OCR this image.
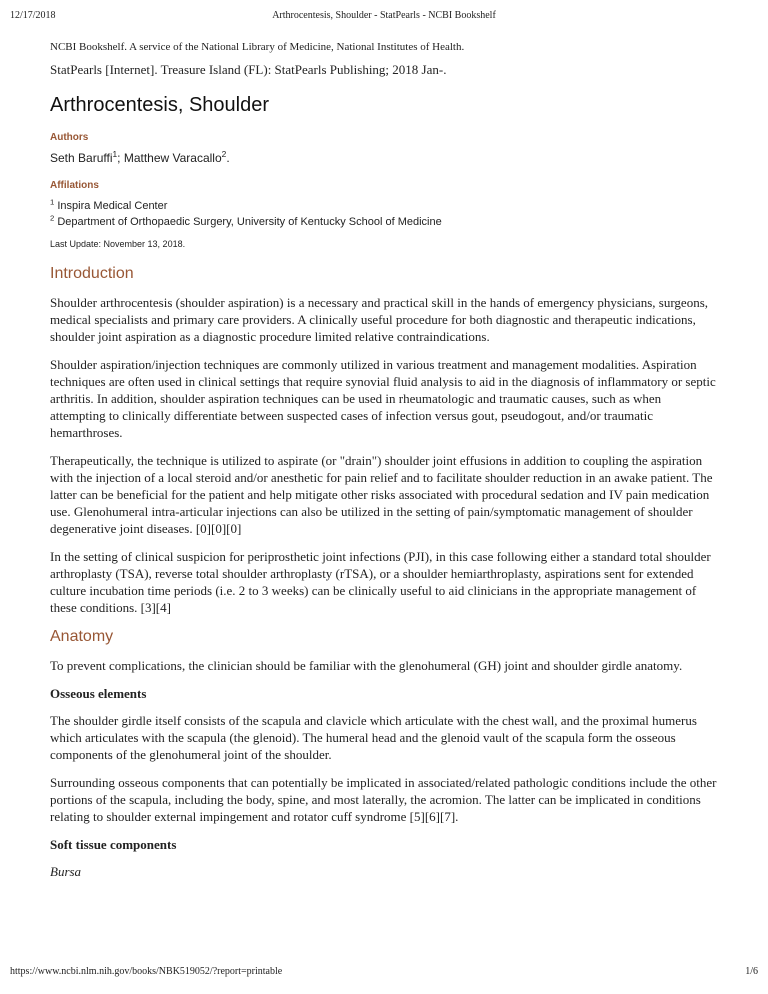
12/17/2018	Arthrocentesis, Shoulder - StatPearls - NCBI Bookshelf

NCBI Bookshelf. A service of the National Library of Medicine, National Institutes of Health.

StatPearls [Internet]. Treasure Island (FL): StatPearls Publishing; 2018 Jan-.

Arthrocentesis, Shoulder

Authors

Seth Baruffi$^1$; Matthew Varacallo$^2$.

Affilations

$^1$ Inspira Medical Center

$^2$ Department of Orthopaedic Surgery, University of Kentucky School of Medicine

Last Update: November 13, 2018.

Introduction

Shoulder arthrocentesis (shoulder aspiration) is a necessary and practical skill in the hands of emergency physicians, surgeons, medical specialists and primary care providers. A clinically useful procedure for both diagnostic and therapeutic indications, shoulder joint aspiration as a diagnostic procedure limited relative contraindications.

Shoulder aspiration/injection techniques are commonly utilized in various treatment and management modalities. Aspiration techniques are often used in clinical settings that require synovial fluid analysis to aid in the diagnosis of inflammatory or septic arthritis. In addition, shoulder aspiration techniques can be used in rheumatologic and traumatic causes, such as when attempting to clinically differentiate between suspected cases of infection versus gout, pseudogout, and/or traumatic hemarthroses.

Therapeutically, the technique is utilized to aspirate (or "drain") shoulder joint effusions in addition to coupling the aspiration with the injection of a local steroid and/or anesthetic for pain relief and to facilitate shoulder reduction in an awake patient. The latter can be beneficial for the patient and help mitigate other risks associated with procedural sedation and IV pain medication use. Glenohumeral intra-articular injections can also be utilized in the setting of pain/symptomatic management of shoulder degenerative joint diseases. [0][0][0]

In the setting of clinical suspicion for periprosthetic joint infections (PJI), in this case following either a standard total shoulder arthroplasty (TSA), reverse total shoulder arthroplasty (rTSA), or a shoulder hemiarthroplasty, aspirations sent for extended culture incubation time periods (i.e. 2 to 3 weeks) can be clinically useful to aid clinicians in the appropriate management of these conditions. [3][4]

Anatomy

To prevent complications, the clinician should be familiar with the glenohumeral (GH) joint and shoulder girdle anatomy.

Osseous elements

The shoulder girdle itself consists of the scapula and clavicle which articulate with the chest wall, and the proximal humerus which articulates with the scapula (the glenoid). The humeral head and the glenoid vault of the scapula form the osseous components of the glenohumeral joint of the shoulder.

Surrounding osseous components that can potentially be implicated in associated/related pathologic conditions include the other portions of the scapula, including the body, spine, and most laterally, the acromion. The latter can be implicated in conditions relating to shoulder external impingement and rotator cuff syndrome [5][6][7].

Soft tissue components
Bursa
https://www.ncbi.nlm.nih.gov/books/NBK519052/?report=printable	1/6
